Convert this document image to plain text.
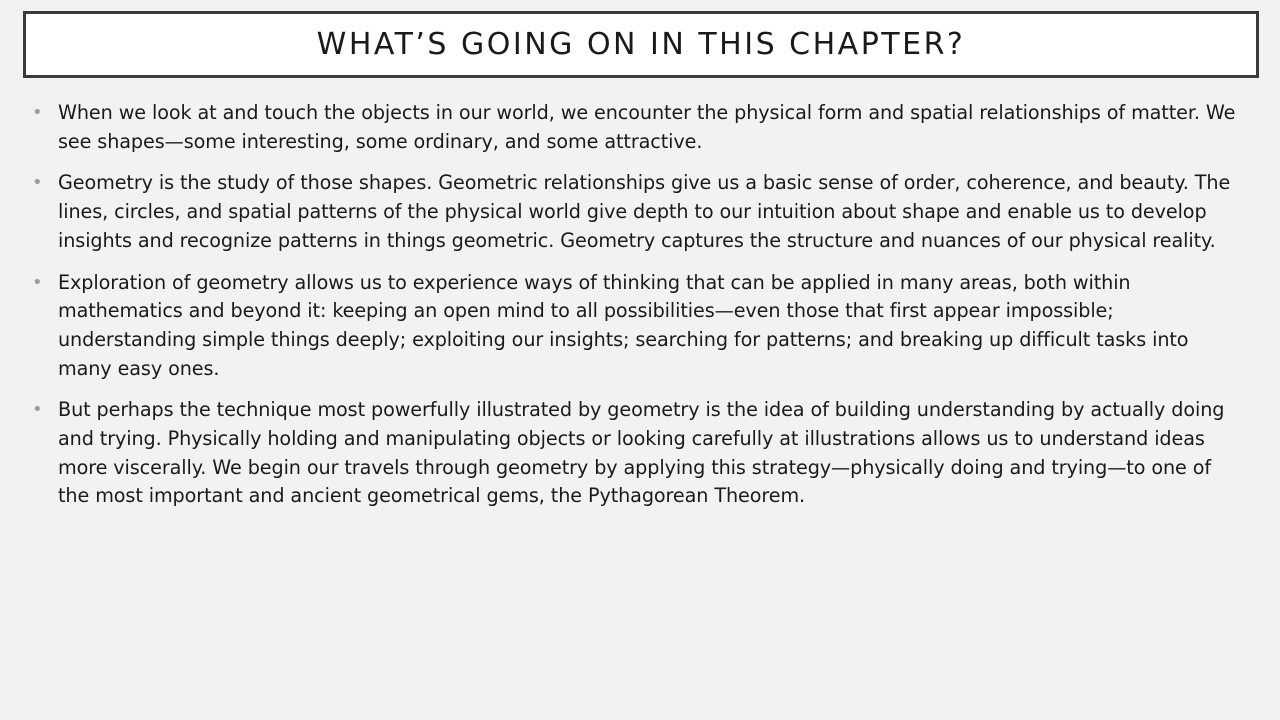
WHAT’S GOING ON IN THIS CHAPTER?
• When we look at and touch the objects in our world, we encounter the physical form and spatial relationships of matter. We see shapes—some interesting, some ordinary, and some attractive.
• Geometry is the study of those shapes. Geometric relationships give us a basic sense of order, coherence, and beauty. The lines, circles, and spatial patterns of the physical world give depth to our intuition about shape and enable us to develop insights and recognize patterns in things geometric. Geometry captures the structure and nuances of our physical reality.
• Exploration of geometry allows us to experience ways of thinking that can be applied in many areas, both within mathematics and beyond it: keeping an open mind to all possibilities—even those that first appear impossible; understanding simple things deeply; exploiting our insights; searching for patterns; and breaking up difficult tasks into many easy ones.
• But perhaps the technique most powerfully illustrated by geometry is the idea of building understanding by actually doing and trying. Physically holding and manipulating objects or looking carefully at illustrations allows us to understand ideas more viscerally. We begin our travels through geometry by applying this strategy—physically doing and trying—to one of the most important and ancient geometrical gems, the Pythagorean Theorem.
